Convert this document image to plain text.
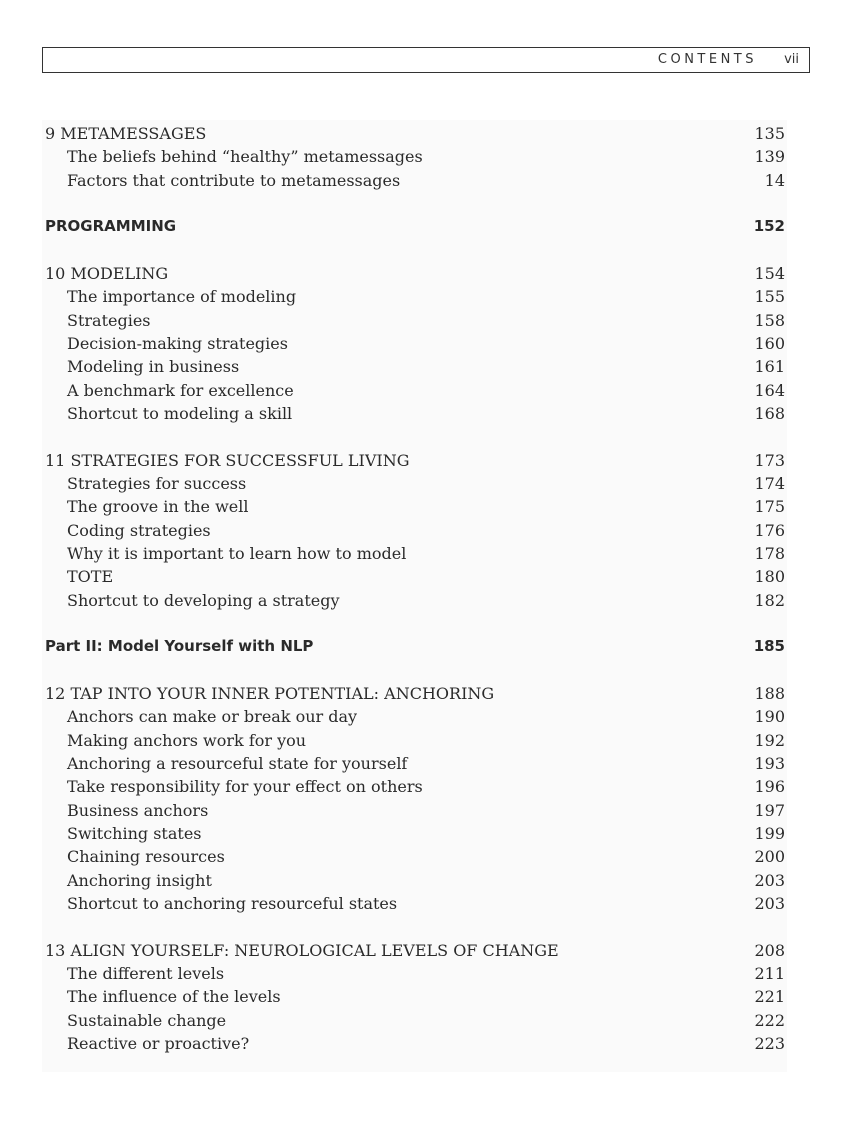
CONTENTS vii
9 METAMESSAGES	135
The beliefs behind “healthy” metamessages	139
Factors that contribute to metamessages	14
PROGRAMMING	152
10 MODELING	154
The importance of modeling	155
Strategies	158
Decision-making strategies	160
Modeling in business	161
A benchmark for excellence	164
Shortcut to modeling a skill	168
11 STRATEGIES FOR SUCCESSFUL LIVING	173
Strategies for success	174
The groove in the well	175
Coding strategies	176
Why it is important to learn how to model	178
TOTE	180
Shortcut to developing a strategy	182
Part II: Model Yourself with NLP	185
12 TAP INTO YOUR INNER POTENTIAL: ANCHORING	188
Anchors can make or break our day	190
Making anchors work for you	192
Anchoring a resourceful state for yourself	193
Take responsibility for your effect on others	196
Business anchors	197
Switching states	199
Chaining resources	200
Anchoring insight	203
Shortcut to anchoring resourceful states	203
13 ALIGN YOURSELF: NEUROLOGICAL LEVELS OF CHANGE	208
The different levels	211
The influence of the levels	221
Sustainable change	222
Reactive or proactive?	223
